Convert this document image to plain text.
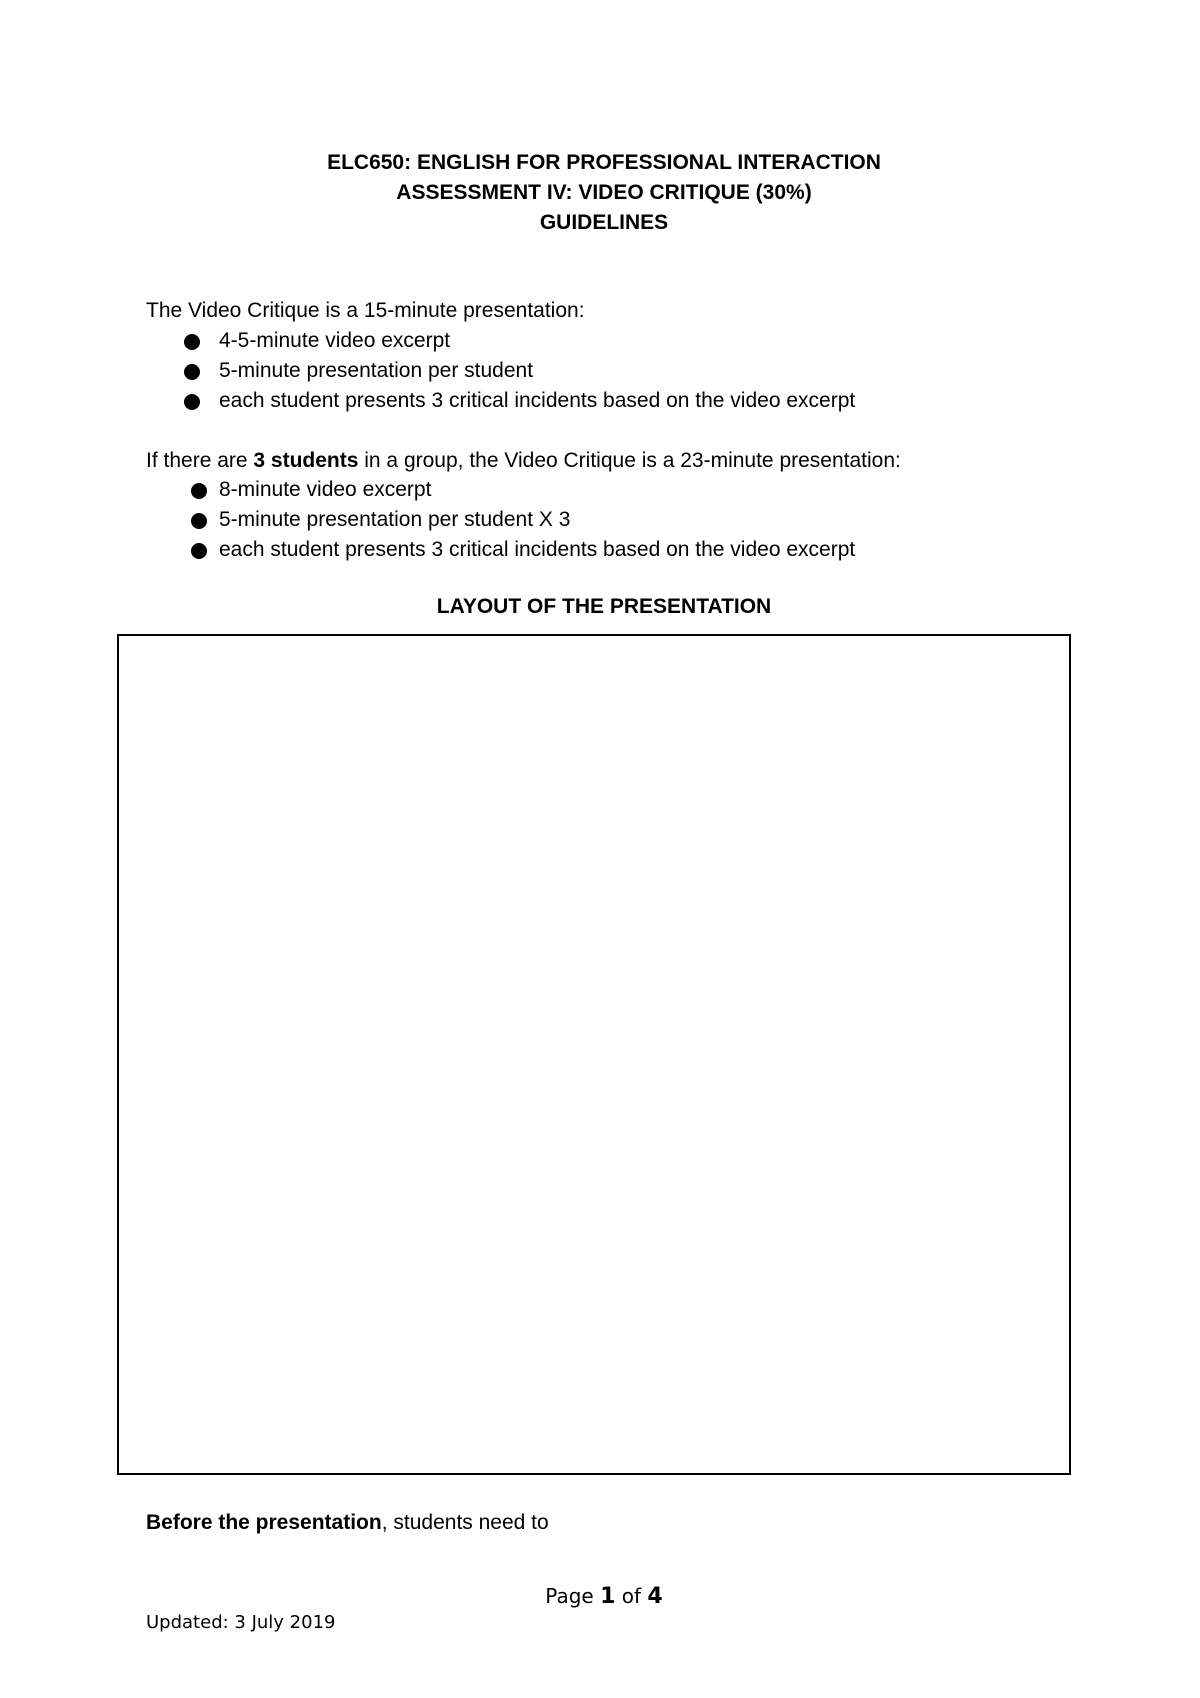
ELC650: ENGLISH FOR PROFESSIONAL INTERACTION
ASSESSMENT IV: VIDEO CRITIQUE (30%)
GUIDELINES
The Video Critique is a 15-minute presentation:
4-5-minute video excerpt
5-minute presentation per student
each student presents 3 critical incidents based on the video excerpt
If there are 3 students in a group, the Video Critique is a 23-minute presentation:
8-minute video excerpt
5-minute presentation per student X 3
each student presents 3 critical incidents based on the video excerpt
LAYOUT OF THE PRESENTATION
Before the presentation, students need to
Page 1 of 4
Updated: 3 July 2019
